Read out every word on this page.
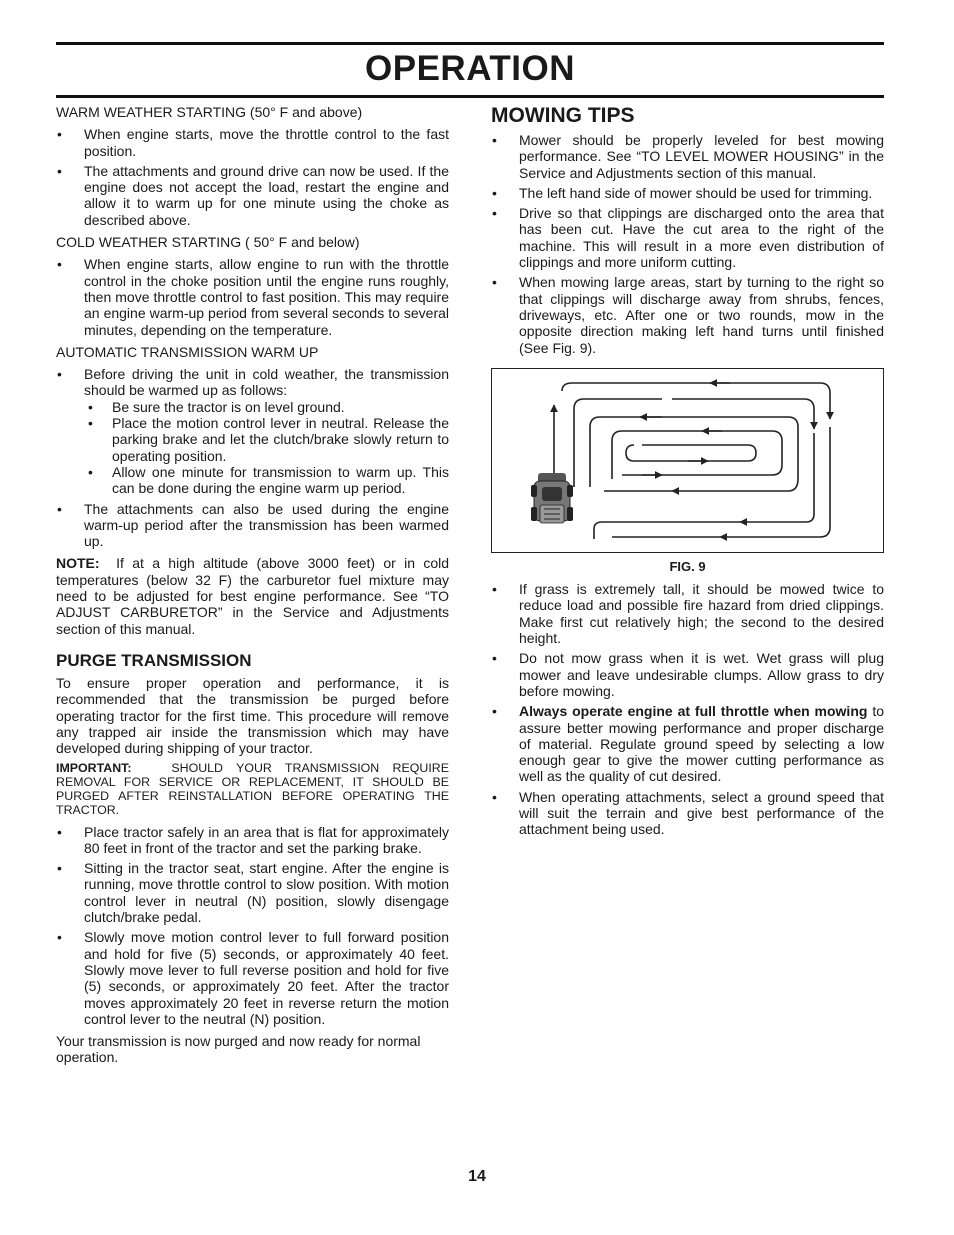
OPERATION

WARM WEATHER STARTING (50° F and above)

• When engine starts, move the throttle control to the fast position.
• The attachments and ground drive can now be used. If the engine does not accept the load, restart the engine and allow it to warm up for one minute using the choke as described above.

COLD WEATHER STARTING ( 50° F and below)

• When engine starts, allow engine to run with the throttle control in the choke position until the engine runs roughly, then move throttle control to fast position. This may require an engine warm-up period from several seconds to several minutes, depending on the temperature.

AUTOMATIC TRANSMISSION WARM UP

• Before driving the unit in cold weather, the transmission should be warmed up as follows:
• Be sure the tractor is on level ground.
• Place the motion control lever in neutral. Release the parking brake and let the clutch/brake slowly return to operating position.
• Allow one minute for transmission to warm up. This can be done during the engine warm up period.
• The attachments can also be used during the engine warm-up period after the transmission has been warmed up.

NOTE: If at a high altitude (above 3000 feet) or in cold temperatures (below 32 F) the carburetor fuel mixture may need to be adjusted for best engine performance. See “TO ADJUST CARBURETOR” in the Service and Adjustments section of this manual.

PURGE TRANSMISSION

To ensure proper operation and performance, it is recommended that the transmission be purged before operating tractor for the first time. This procedure will remove any trapped air inside the transmission which may have developed during shipping of your tractor.

IMPORTANT:	SHOULD YOUR TRANSMISSION REQUIRE REMOVAL FOR SERVICE OR REPLACEMENT, IT SHOULD BE PURGED AFTER REINSTALLATION BEFORE OPERATING THE TRACTOR.

• Place tractor safely in an area that is flat for approximately 80 feet in front of the tractor and set the parking brake.
• Sitting in the tractor seat, start engine. After the engine is running, move throttle control to slow position. With motion control lever in neutral (N) position, slowly disengage clutch/brake pedal.
• Slowly move motion control lever to full forward position and hold for five (5) seconds, or approximately 40 feet. Slowly move lever to full reverse position and hold for five (5) seconds, or approximately 20 feet. After the tractor moves approximately 20 feet in reverse return the motion control lever to the neutral (N) position.

Your transmission is now purged and now ready for normal operation.

MOWING TIPS
• Mower should be properly leveled for best mowing performance. See “TO LEVEL MOWER HOUSING” in the Service and Adjustments section of this manual.
• The left hand side of mower should be used for trimming.
• Drive so that clippings are discharged onto the area that has been cut. Have the cut area to the right of the machine. This will result in a more even distribution of clippings and more uniform cutting.
• When mowing large areas, start by turning to the right so that clippings will discharge away from shrubs, fences, driveways, etc. After one or two rounds, mow in the opposite direction making left hand turns until finished (See Fig. 9).

FIG. 9

• If grass is extremely tall, it should be mowed twice to reduce load and possible fire hazard from dried clippings. Make first cut relatively high; the second to the desired height.
• Do not mow grass when it is wet. Wet grass will plug mower and leave undesirable clumps. Allow grass to dry before mowing.
• Always operate engine at full throttle when mowing to assure better mowing performance and proper discharge of material. Regulate ground speed by selecting a low enough gear to give the mower cutting performance as well as the quality of cut desired.
• When operating attachments, select a ground speed that will suit the terrain and give best performance of the attachment being used.
14
